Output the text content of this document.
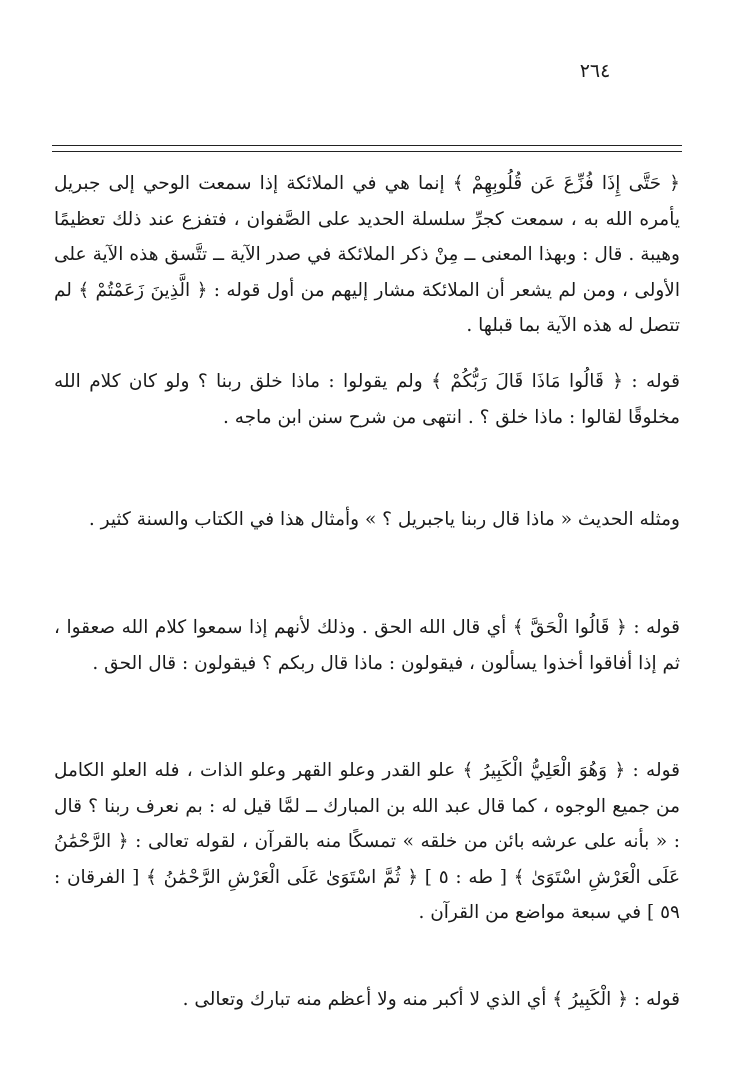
٢٦٤

﴿ حَتَّى إِذَا فُزِّعَ عَن قُلُوبِهِمْ ﴾ إنما هي في الملائكة إذا سمعت الوحي إلى جبريل يأمره الله به ، سمعت كجرِّ سلسلة الحديد على الصَّفوان ، فتفزع عند ذلك تعظيمًا وهيبة . قال : وبهذا المعنى ــ مِنْ ذكر الملائكة في صدر الآية ــ تتَّسق هذه الآية على الأولى ، ومن لم يشعر أن الملائكة مشار إليهم من أول قوله : ﴿ الَّذِينَ زَعَمْتُمْ ﴾ لم تتصل له هذه الآية بما قبلها .

قوله : ﴿ قَالُوا مَاذَا قَالَ رَبُّكُمْ ﴾ ولم يقولوا : ماذا خلق ربنا ؟ ولو كان كلام الله مخلوقًا لقالوا : ماذا خلق ؟ . انتهى من شرح سنن ابن ماجه .

ومثله الحديث « ماذا قال ربنا ياجبريل ؟ » وأمثال هذا في الكتاب والسنة كثير .

قوله : ﴿ قَالُوا الْحَقَّ ﴾ أي قال الله الحق . وذلك لأنهم إذا سمعوا كلام الله صعقوا ، ثم إذا أفاقوا أخذوا يسألون ، فيقولون : ماذا قال ربكم ؟ فيقولون : قال الحق .

قوله : ﴿ وَهُوَ الْعَلِيُّ الْكَبِيرُ ﴾ علو القدر وعلو القهر وعلو الذات ، فله العلو الكامل من جميع الوجوه ، كما قال عبد الله بن المبارك ــ لمَّا قيل له : بم نعرف ربنا ؟ قال : « بأنه على عرشه بائن من خلقه » تمسكًا منه بالقرآن ، لقوله تعالى : ﴿ الرَّحْمَٰنُ عَلَى الْعَرْشِ اسْتَوَىٰ ﴾ [ طه : ٥ ] ﴿ ثُمَّ اسْتَوَىٰ عَلَى الْعَرْشِ الرَّحْمَٰنُ ﴾ [ الفرقان : ٥٩ ] في سبعة مواضع من القرآن .

قوله : ﴿ الْكَبِيرُ ﴾ أي الذي لا أكبر منه ولا أعظم منه تبارك وتعالى .
